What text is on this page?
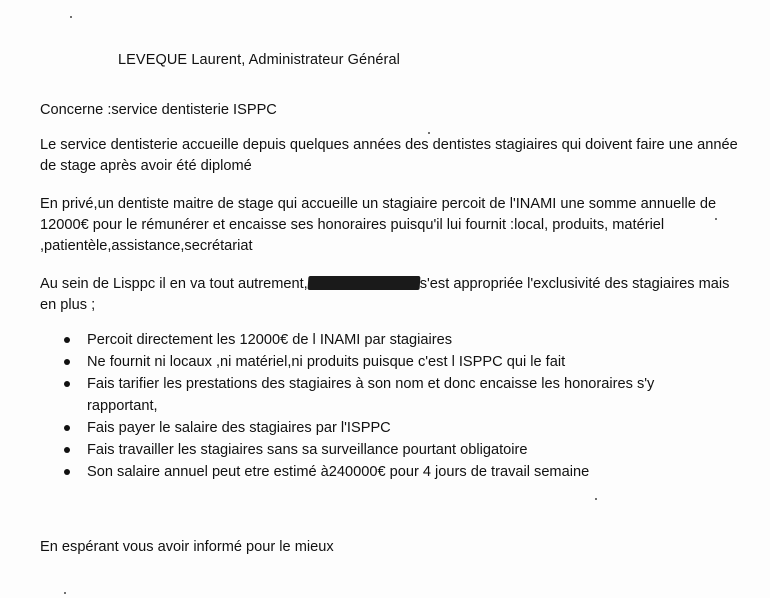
LEVEQUE Laurent, Administrateur Général
Concerne :service dentisterie ISPPC
Le service dentisterie accueille depuis quelques années des dentistes stagiaires qui doivent faire une année de stage après avoir été diplomé
En privé,un dentiste maitre de stage qui accueille un stagiaire percoit de l'INAMI une somme annuelle de 12000€ pour le rémunérer et encaisse ses honoraires puisqu'il lui fournit :local, produits, matériel ,patientèle,assistance,secrétariat
Au sein de Lisppc il en va tout autrement,	s'est appropriée l'exclusivité des stagiaires mais en plus ;
Percoit directement les 12000€ de l INAMI par stagiaires
Ne fournit ni locaux ,ni matériel,ni produits puisque c'est l ISPPC qui le fait
Fais tarifier les prestations des stagiaires à son nom et donc encaisse les honoraires s'y rapportant,
Fais payer le salaire des stagiaires par l'ISPPC
Fais travailler les stagiaires sans sa surveillance pourtant obligatoire
Son salaire annuel peut etre estimé à240000€ pour 4 jours de travail semaine
En espérant vous avoir informé pour le mieux
